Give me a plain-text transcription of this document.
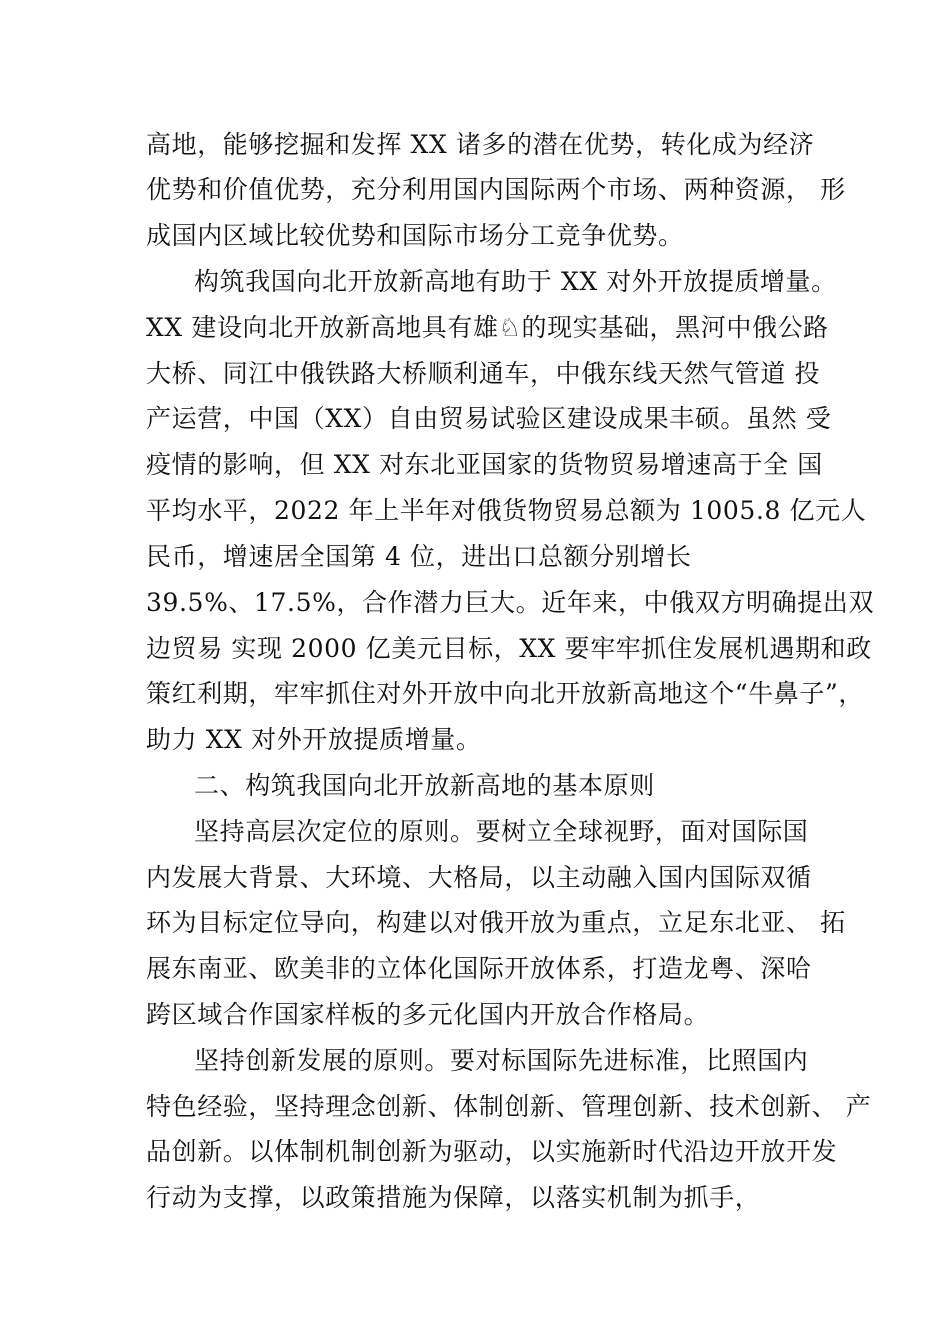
高地，能够挖掘和发挥 XX 诸多的潜在优势，转化成为经济
优势和价值优势，充分利用国内国际两个市场、两种资源， 形
成国内区域比较优势和国际市场分工竞争优势。
构筑我国向北开放新高地有助于 XX 对外开放提质增量。
XX 建设向北开放新高地具有雄♘的现实基础，黑河中俄公路
大桥、同江中俄铁路大桥顺利通车，中俄东线天然气管道 投
产运营，中国（XX）自由贸易试验区建设成果丰硕。虽然 受
疫情的影响，但 XX 对东北亚国家的货物贸易增速高于全 国
平均水平，2022 年上半年对俄货物贸易总额为 1005.8 亿元人
民币，增速居全国第 4 位，进出口总额分别增长
39.5%、17.5%，合作潜力巨大。近年来，中俄双方明确提出双
边贸易 实现 2000 亿美元目标，XX 要牢牢抓住发展机遇期和政
策红利期，牢牢抓住对外开放中向北开放新高地这个“牛鼻子”，
助力 XX 对外开放提质增量。
二、构筑我国向北开放新高地的基本原则
坚持高层次定位的原则。要树立全球视野，面对国际国
内发展大背景、大环境、大格局，以主动融入国内国际双循
环为目标定位导向，构建以对俄开放为重点，立足东北亚、 拓
展东南亚、欧美非的立体化国际开放体系，打造龙粤、深哈
跨区域合作国家样板的多元化国内开放合作格局。
坚持创新发展的原则。要对标国际先进标准，比照国内
特色经验，坚持理念创新、体制创新、管理创新、技术创新、 产
品创新。以体制机制创新为驱动，以实施新时代沿边开放开发
行动为支撑，以政策措施为保障，以落实机制为抓手，
